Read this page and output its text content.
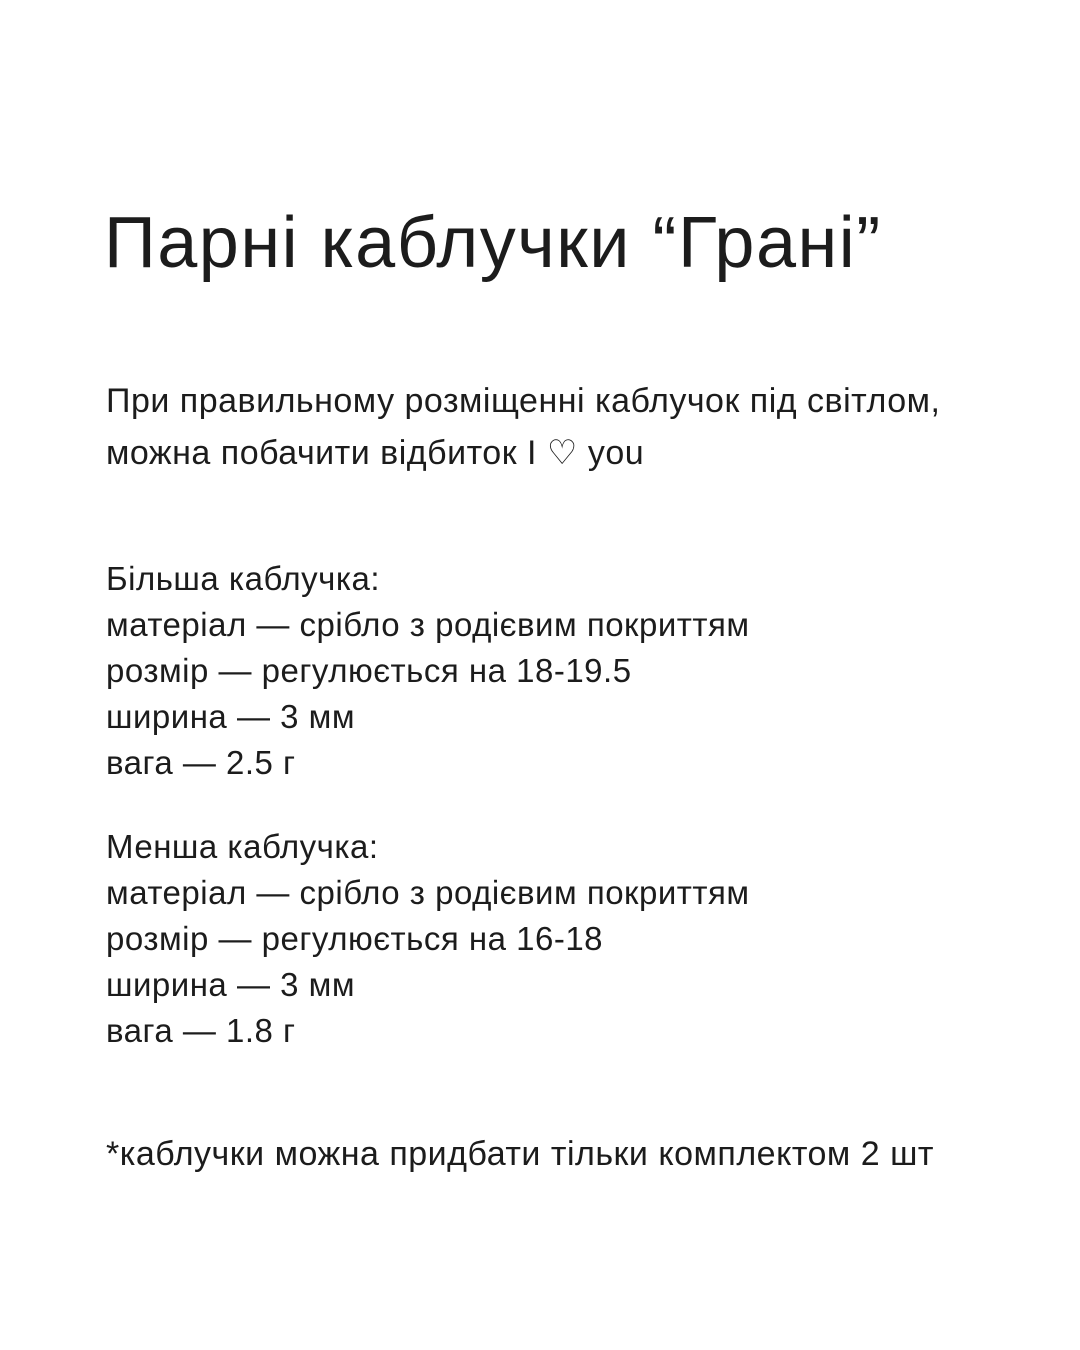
Парні каблучки “Грані”
При правильному розміщенні каблучок під світлом,
можна побачити відбиток I ♡ you
Більша каблучка:
матеріал — срібло з родієвим покриттям
розмір — регулюється на 18-19.5
ширина — 3 мм
вага — 2.5 г
Менша каблучка:
матеріал — срібло з родієвим покриттям
розмір — регулюється на 16-18
ширина — 3 мм
вага — 1.8 г
*каблучки можна придбати тільки комплектом 2 шт
